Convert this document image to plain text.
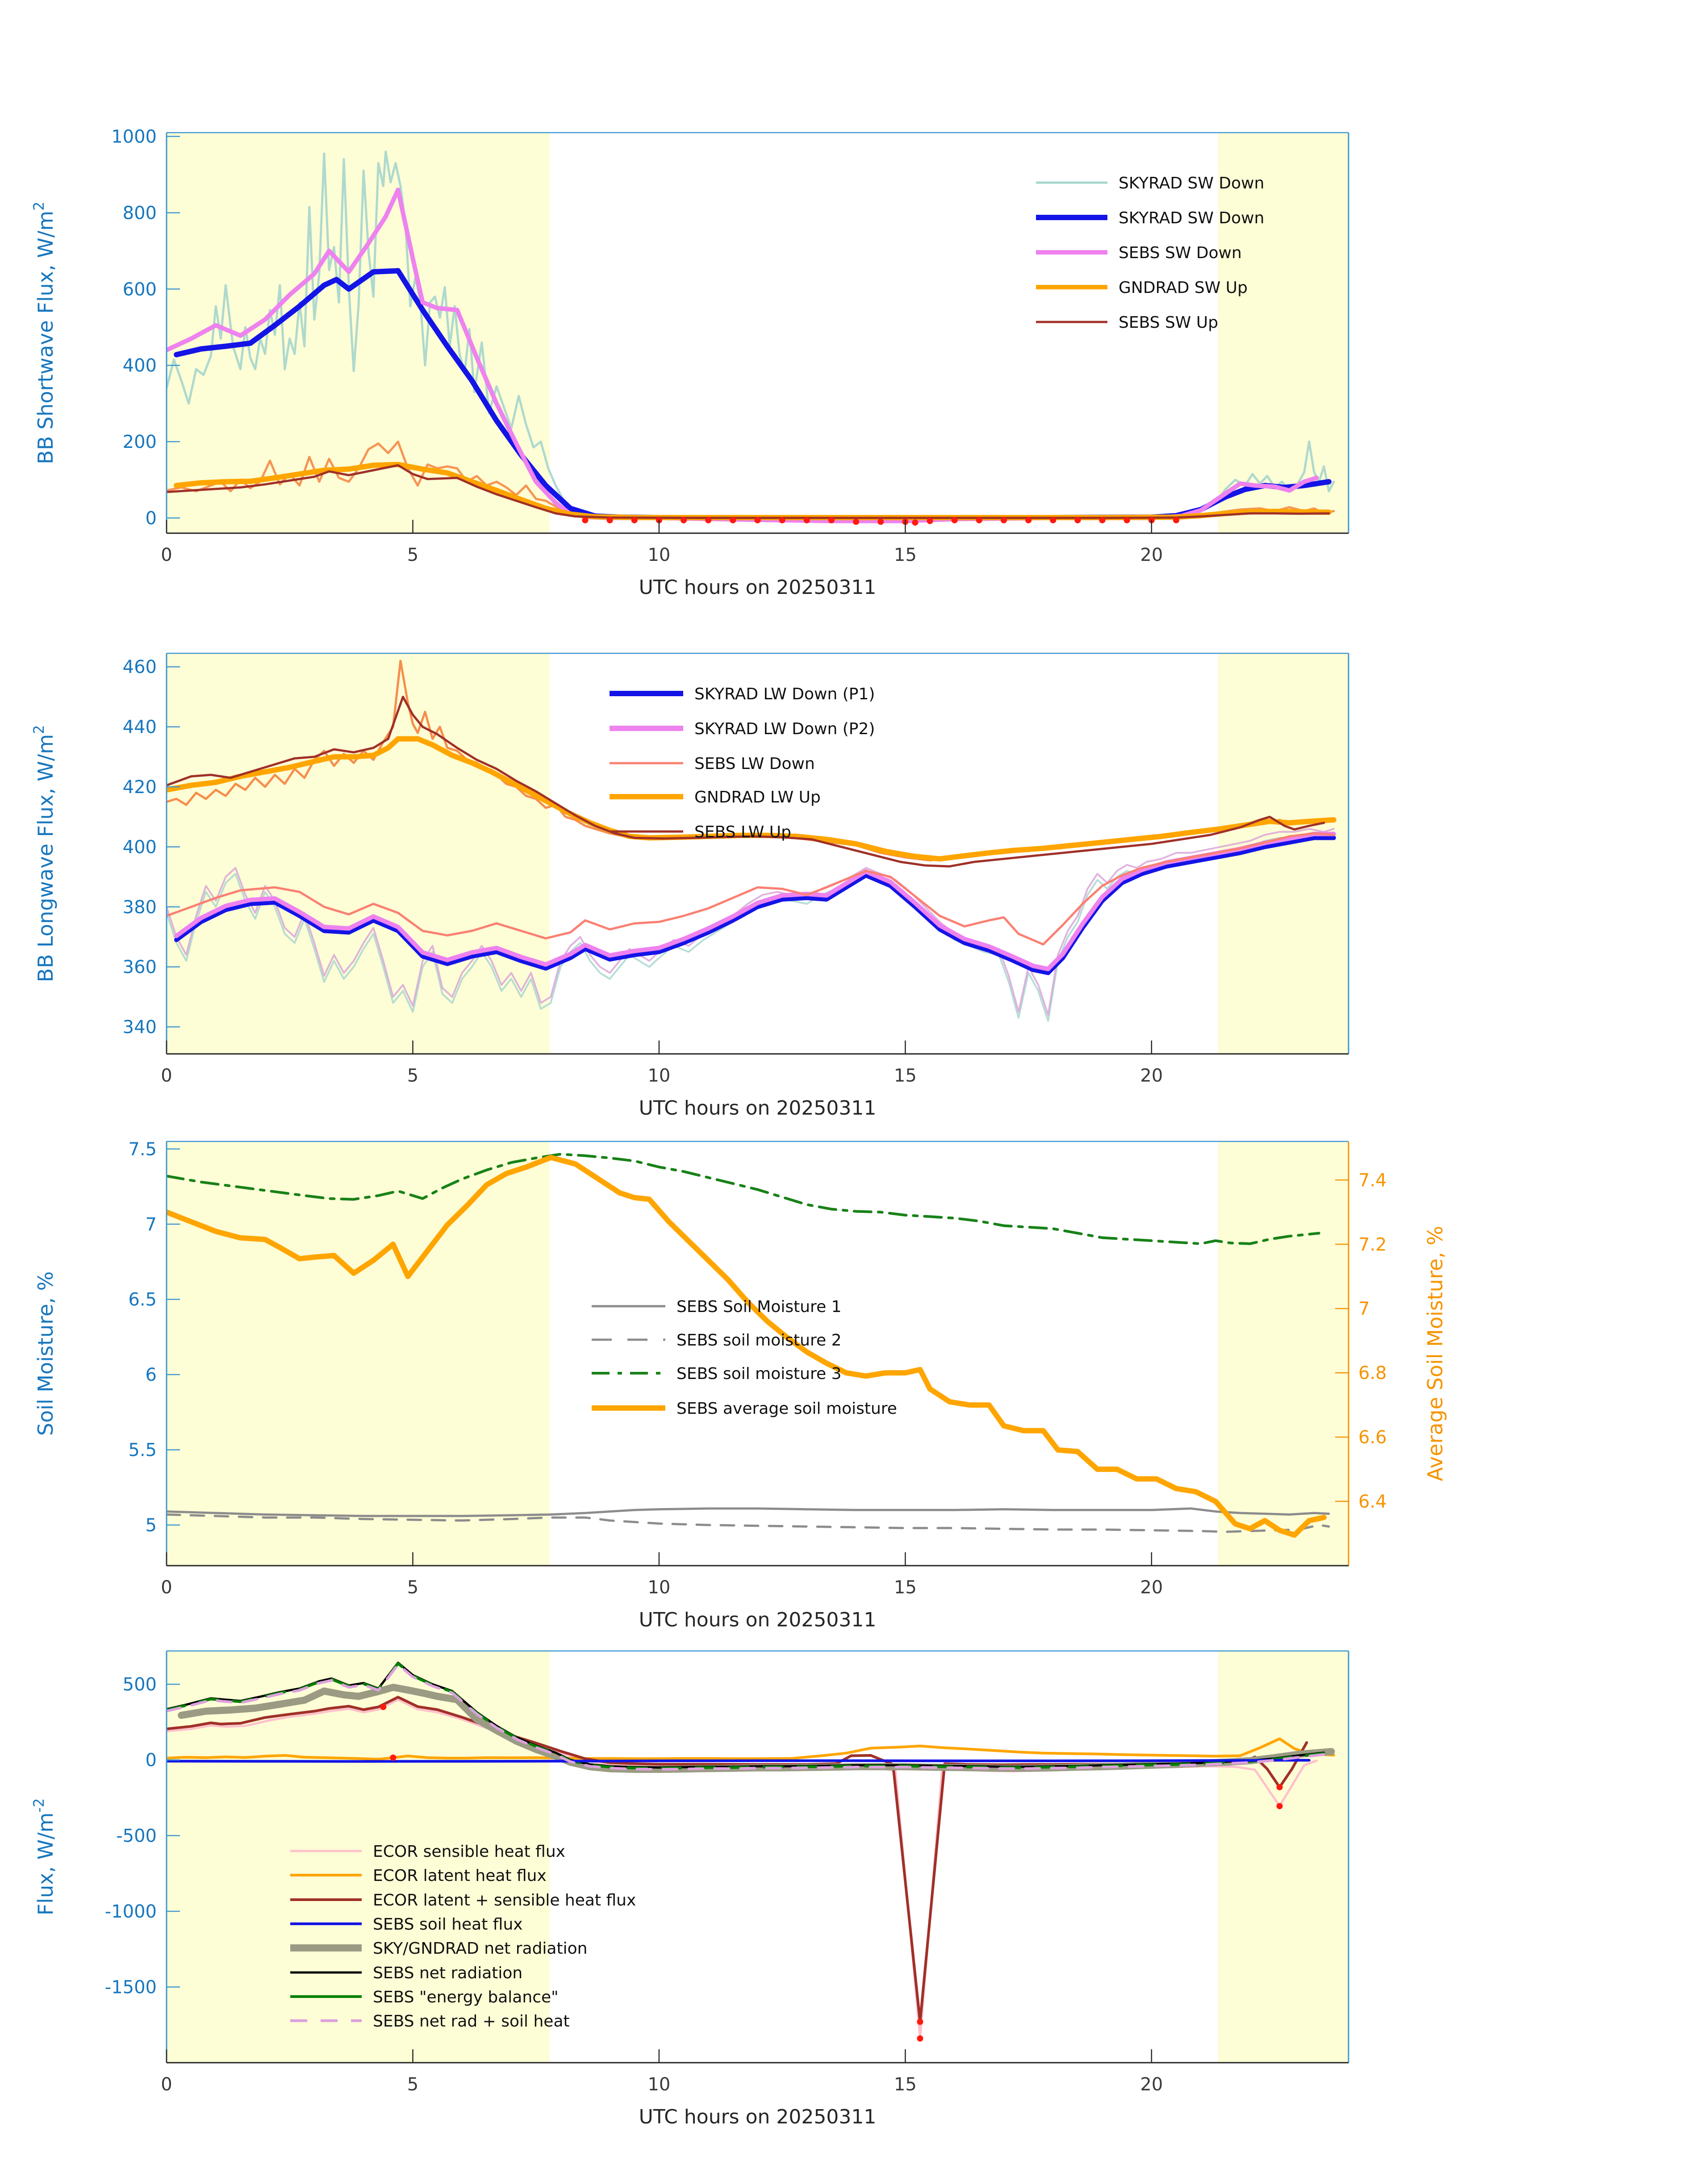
0
200
400
600
800
1000
0	5	10	15	20
UTC hours on 20250311
BB Shortwave Flux, $W/m^2$
SKYRAD SW Down
SKYRAD SW Down
SEBS SW Down
GNDRAD SW Up
SEBS SW Up
340
360
380
400
420
440
460
0	5	10	15	20
UTC hours on 20250311
BB Longwave Flux, $W/m^2$
SKYRAD LW Down (P1)
SKYRAD LW Down (P2)
SEBS LW Down
GNDRAD LW Up
SEBS LW Up
5
5.5
6
6.5
7
7.5
6.4
6.6
6.8
7
7.2
7.4
0	5	10	15	20
UTC hours on 20250311
Soil Moisture, %	Average Soil Moisture, %
SEBS Soil Moisture 1
SEBS soil moisture 2
SEBS soil moisture 3
SEBS average soil moisture
-1500
-1000
-500
0
500
0	5	10	15	20
UTC hours on 20250311
Flux, $W/m^{-2}$
ECOR sensible heat flux
ECOR latent heat flux
ECOR latent + sensible heat flux
SEBS soil heat flux
SKY/GNDRAD net radiation
SEBS net radiation
SEBS "energy balance"
SEBS net rad + soil heat
